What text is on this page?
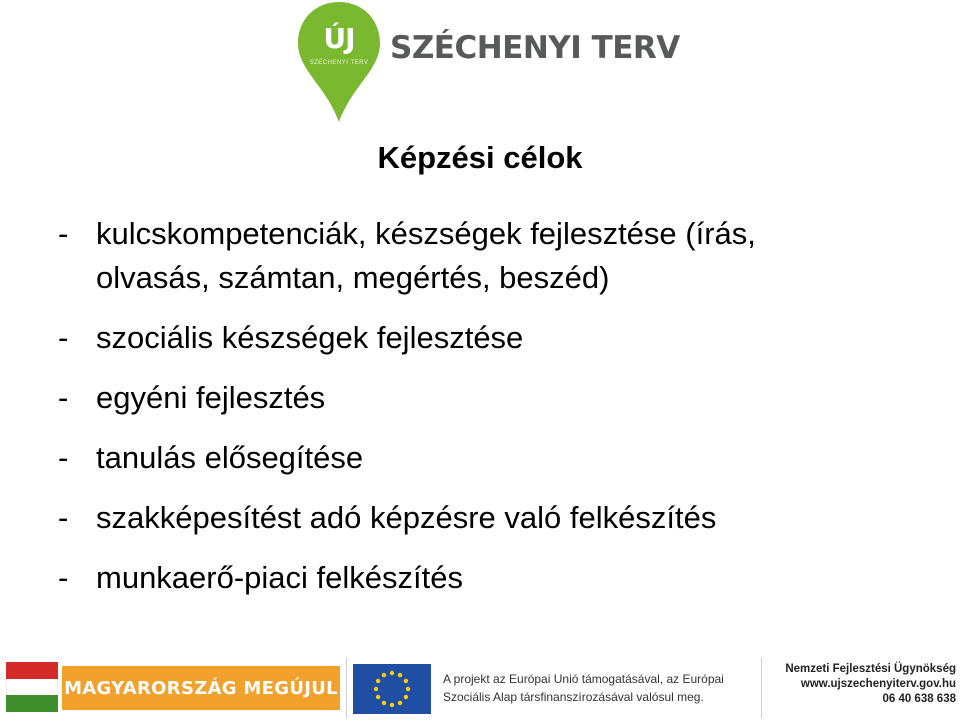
ÚJ
SZÉCHENYI TERV SZÉCHENYI TERV
Képzési célok
- kulcskompetenciák, készségek fejlesztése (írás,
olvasás, számtan, megértés, beszéd)
- szociális készségek fejlesztése
- egyéni fejlesztés
- tanulás elősegítése
- szakképesítést adó képzésre való felkészítés
- munkaerő-piaci felkészítés
MAGYARORSZÁG MEGÚJUL	A projekt az Európai Unió támogatásával, az Európai
Szociális Alap társfinanszírozásával valósul meg.
Nemzeti Fejlesztési Ügynökség
www.ujszechenyiterv.gov.hu
06 40 638 638
